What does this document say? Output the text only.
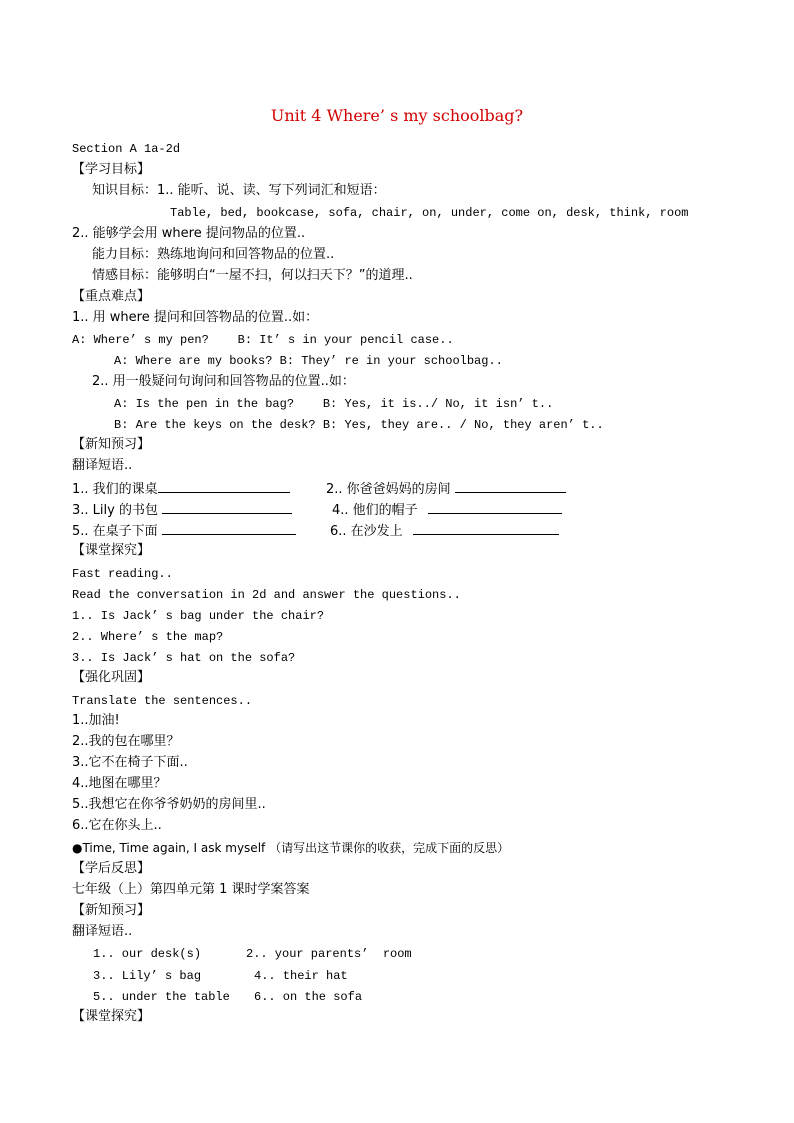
Unit 4 Where’ s my schoolbag?
Section A 1a-2d
【学习目标】
知识目标：1.. 能听、说、读、写下列词汇和短语：
Table, bed, bookcase, sofa, chair, on, under, come on, desk, think, room
2.. 能够学会用 where 提问物品的位置..
能力目标：熟练地询问和回答物品的位置..
情感目标：能够明白“一屋不扫，何以扫天下？”的道理..
【重点难点】
1.. 用 where 提问和回答物品的位置..如：
A: Where’ s my pen?    B: It’ s in your pencil case..
A: Where are my books? B: They’ re in your schoolbag..
2.. 用一般疑问句询问和回答物品的位置..如：
A: Is the pen in the bag?    B: Yes, it is../ No, it isn’ t..
B: Are the keys on the desk? B: Yes, they are.. / No, they aren’ t..
【新知预习】
翻译短语..
1.. 我们的课桌	2.. 你爸爸妈妈的房间
3.. Lily 的书包	4.. 他们的帽子
5.. 在桌子下面	6.. 在沙发上
【课堂探究】
Fast reading..
Read the conversation in 2d and answer the questions..
1.. Is Jack’ s bag under the chair?
2.. Where’ s the map?
3.. Is Jack’ s hat on the sofa?
【强化巩固】
Translate the sentences..
1..加油!
2..我的包在哪里？
3..它不在椅子下面..
4..地图在哪里？
5..我想它在你爷爷奶奶的房间里..
6..它在你头上..
●Time, Time again, I ask myself （请写出这节课你的收获，完成下面的反思）
【学后反思】
七年级（上）第四单元第 1 课时学案答案
【新知预习】
翻译短语..
1.. our desk(s)	2.. your parents’  room
3.. Lily’ s bag	4.. their hat
5.. under the table 6.. on the sofa
【课堂探究】
